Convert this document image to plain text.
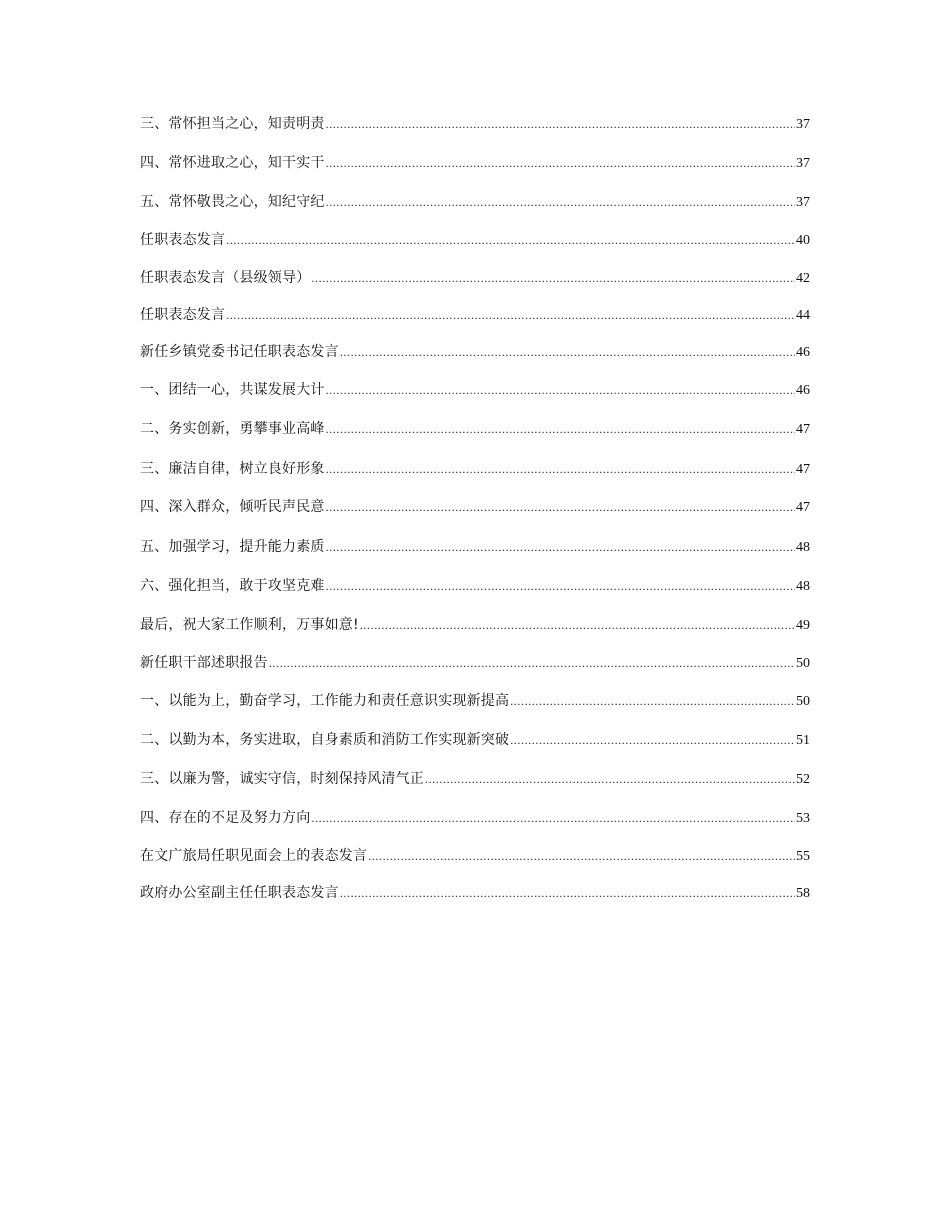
三、常怀担当之心，知责明责 .....	37
四、常怀进取之心，知干实干 .....	37
五、常怀敬畏之心，知纪守纪 .....	37
任职表态发言 .....	40
任职表态发言（县级领导） .....	42
任职表态发言 .....	44
新任乡镇党委书记任职表态发言 .....	46
一、团结一心，共谋发展大计 .....	46
二、务实创新，勇攀事业高峰 .....	47
三、廉洁自律，树立良好形象 .....	47
四、深入群众，倾听民声民意 .....	47
五、加强学习，提升能力素质 .....	48
六、强化担当，敢于攻坚克难 .....	48
最后，祝大家工作顺利，万事如意! .....	49
新任职干部述职报告 .....	50
一、以能为上，勤奋学习，工作能力和责任意识实现新提高 .....	50
二、以勤为本，务实进取，自身素质和消防工作实现新突破 .....	51
三、以廉为警，诚实守信，时刻保持风清气正 .....	52
四、存在的不足及努力方向 .....	53
在文广旅局任职见面会上的表态发言 .....	55
政府办公室副主任任职表态发言 .....	58
